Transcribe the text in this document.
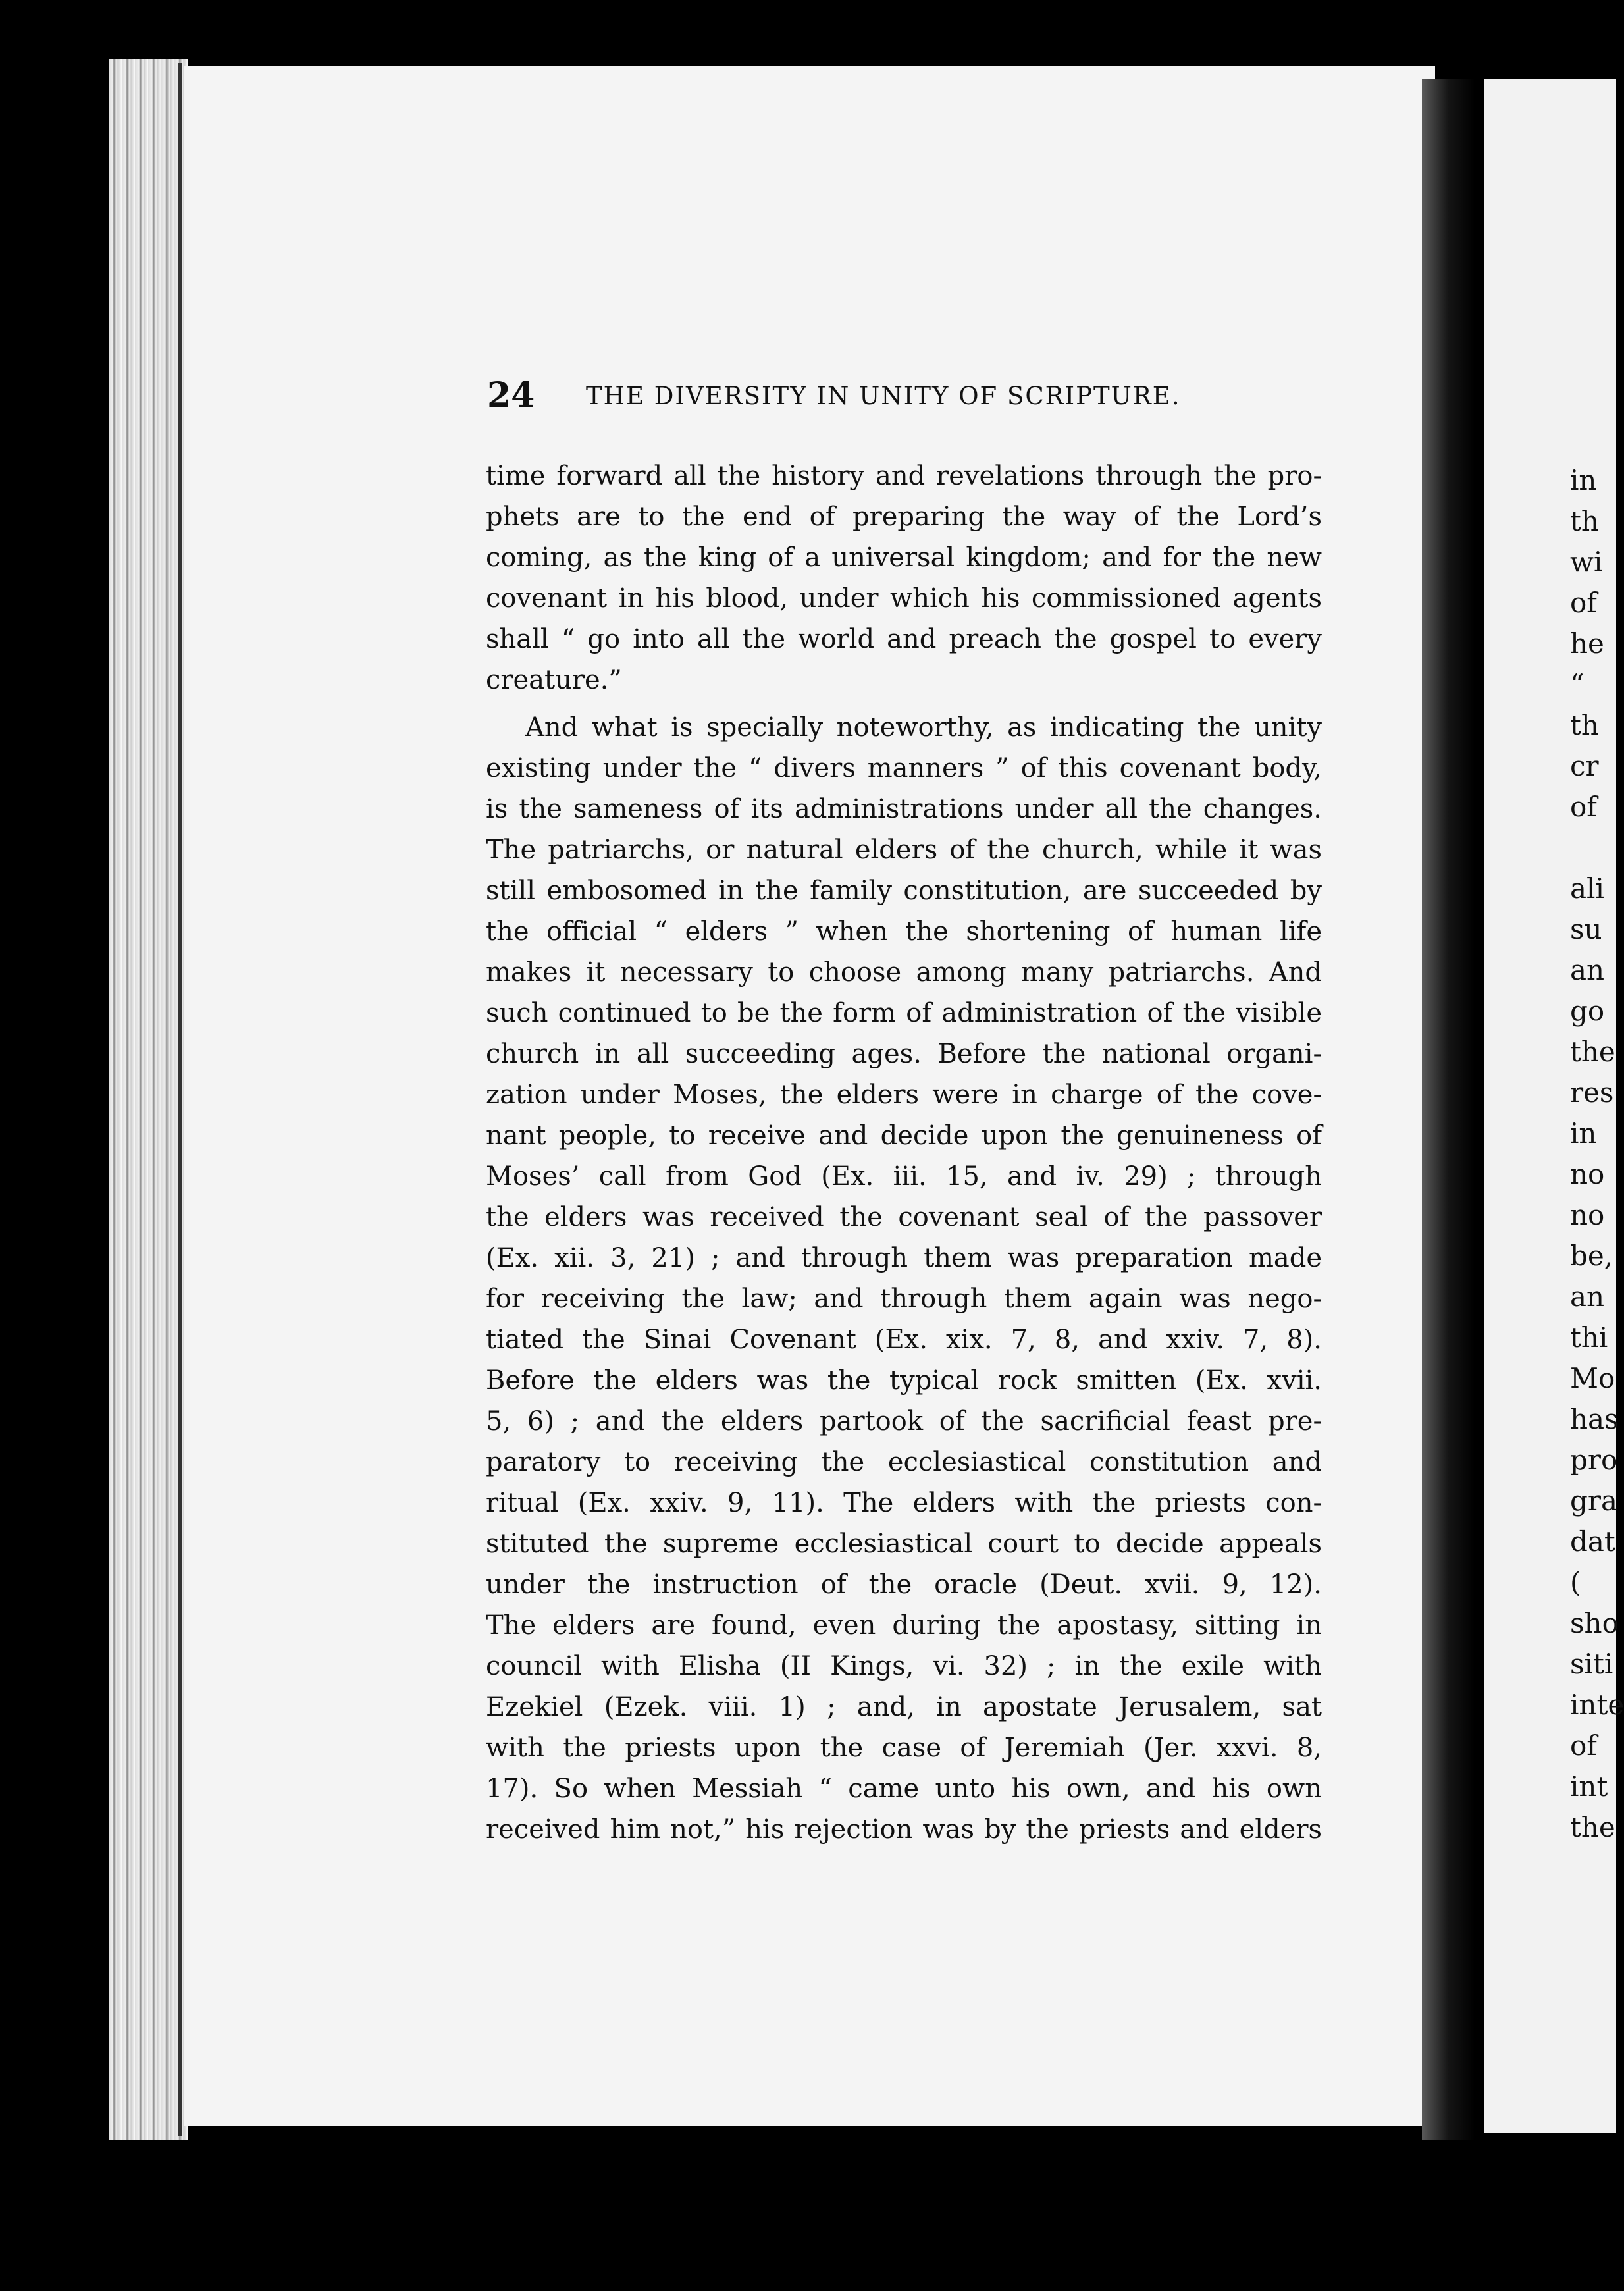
in

th

wi

of

he

“

th

cr

of

ali

su

an

go

the

res

in

no

no

be,

an

thi

Mo

has

pro

gra

dat

(

sho

siti

inte

of

int

the

24 THE DIVERSITY IN UNITY OF SCRIPTURE.

time forward all the history and revelations through the pro-

phets are to the end of preparing the way of the Lord’s

coming, as the king of a universal kingdom; and for the new

covenant in his blood, under which his commissioned agents

shall “ go into all the world and preach the gospel to every

creature.”

And what is specially noteworthy, as indicating the unity

existing under the “ divers manners ” of this covenant body,

is the sameness of its administrations under all the changes.

The patriarchs, or natural elders of the church, while it was

still embosomed in the family constitution, are succeeded by

the official “ elders ” when the shortening of human life

makes it necessary to choose among many patriarchs. And

such continued to be the form of administration of the visible

church in all succeeding ages. Before the national organi-

zation under Moses, the elders were in charge of the cove-

nant people, to receive and decide upon the genuineness of

Moses’ call from God (Ex. iii. 15, and iv. 29) ; through

the elders was received the covenant seal of the passover

(Ex. xii. 3, 21) ; and through them was preparation made

for receiving the law; and through them again was nego-

tiated the Sinai Covenant (Ex. xix. 7, 8, and xxiv. 7, 8).

Before the elders was the typical rock smitten (Ex. xvii.

5, 6) ; and the elders partook of the sacrificial feast pre-

paratory to receiving the ecclesiastical constitution and

ritual (Ex. xxiv. 9, 11). The elders with the priests con-

stituted the supreme ecclesiastical court to decide appeals

under the instruction of the oracle (Deut. xvii. 9, 12).

The elders are found, even during the apostasy, sitting in

council with Elisha (II Kings, vi. 32) ; in the exile with

Ezekiel (Ezek. viii. 1) ; and, in apostate Jerusalem, sat

with the priests upon the case of Jeremiah (Jer. xxvi. 8,

17). So when Messiah “ came unto his own, and his own

received him not,” his rejection was by the priests and elders
